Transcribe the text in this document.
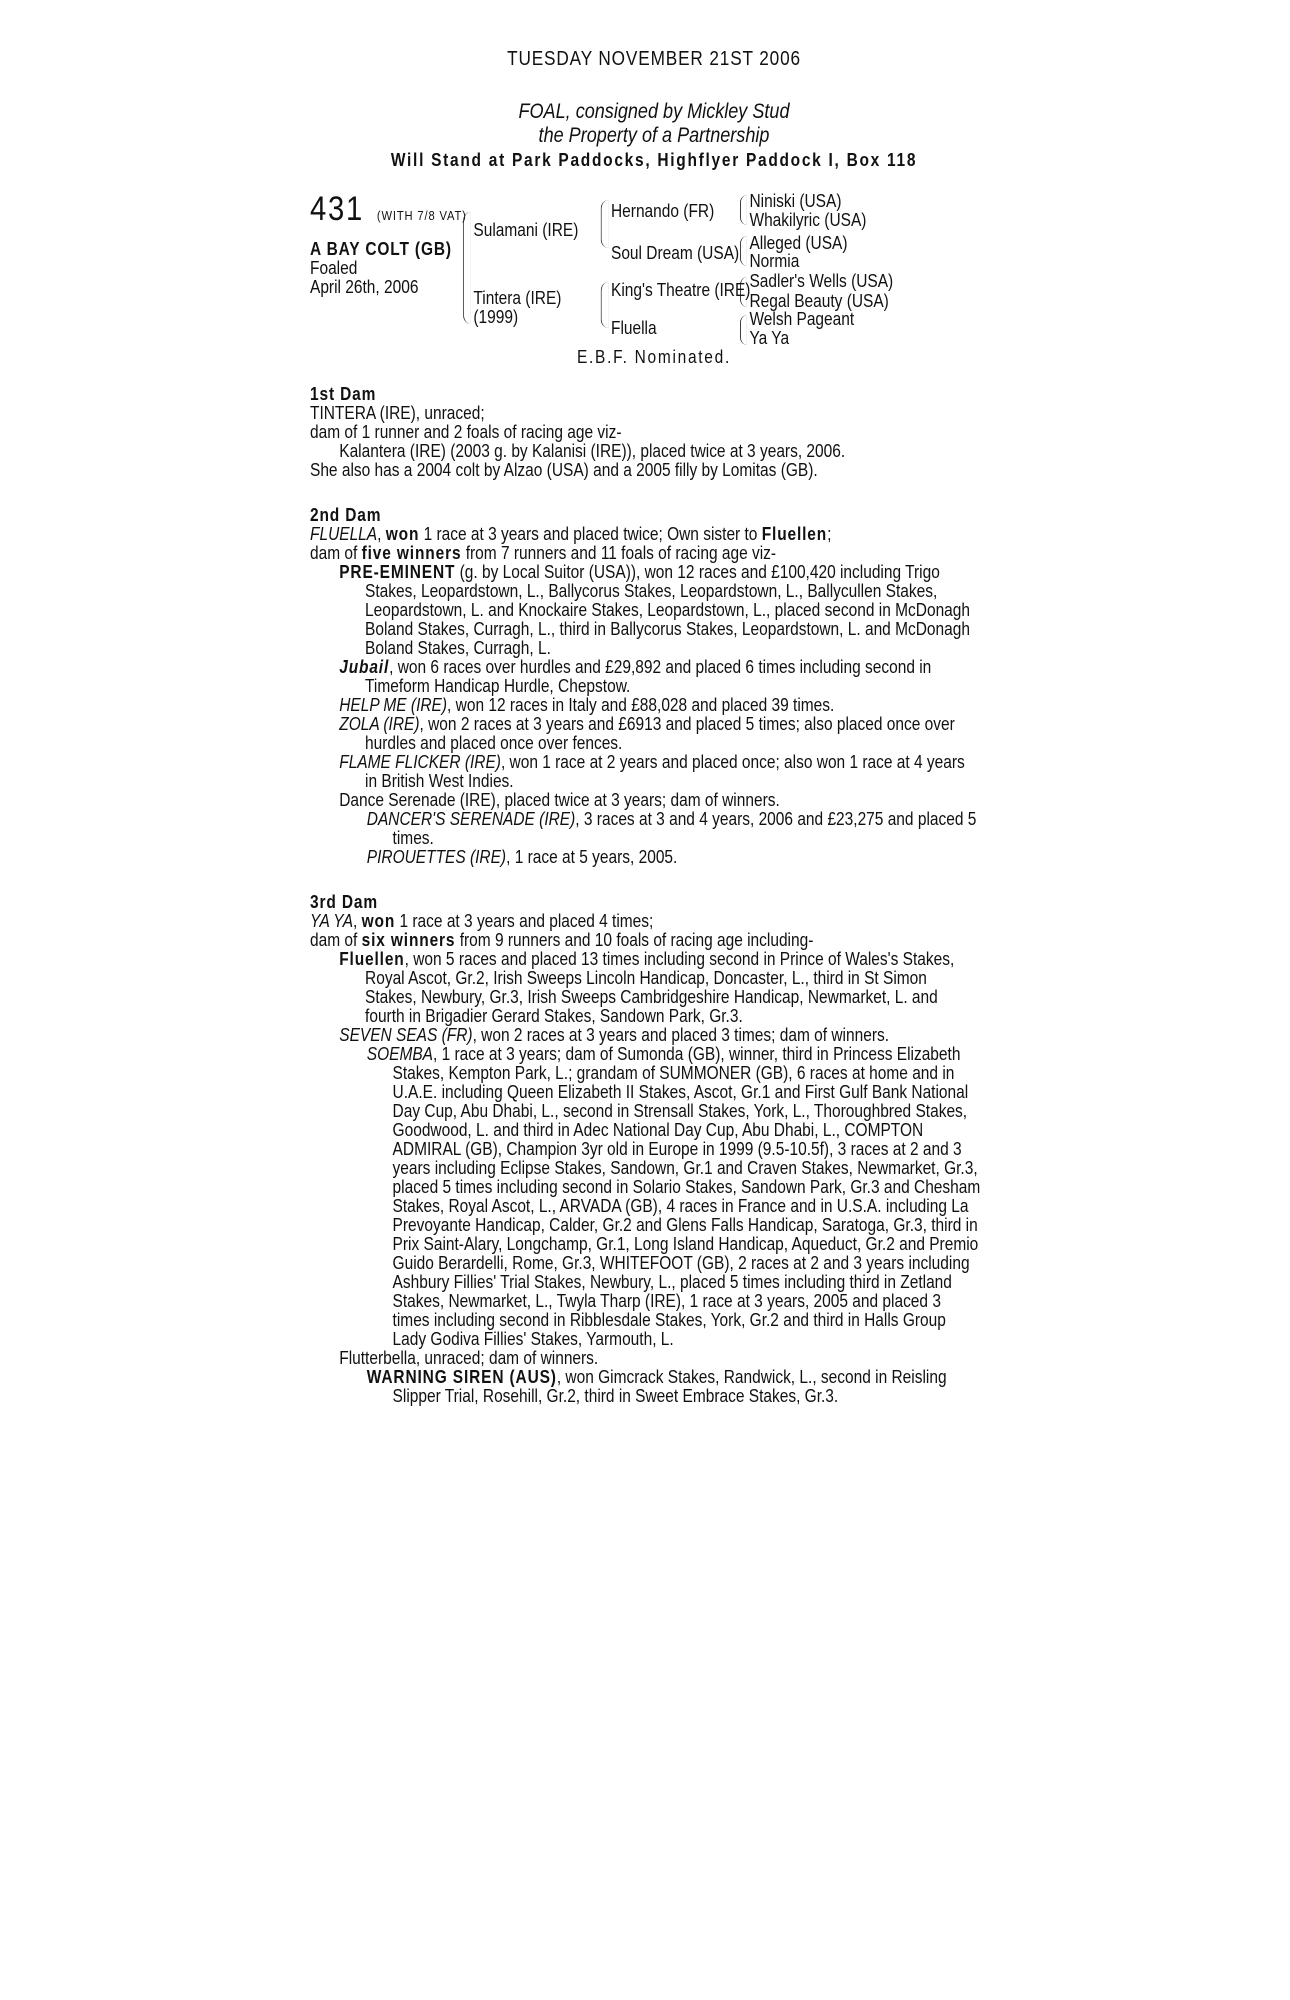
TUESDAY NOVEMBER 21ST 2006
FOAL, consigned by Mickley Stud
the Property of a Partnership
Will Stand at Park Paddocks, Highflyer Paddock I, Box 118
431 (WITH 7/8 VAT)
A BAY COLT (GB)
Foaled
April 26th, 2006
Sulamani (IRE)
Tintera (IRE)
(1999)
Hernando (FR)
Soul Dream (USA)
King's Theatre (IRE)
Fluella
Niniski (USA)
Whakilyric (USA)
Alleged (USA)
Normia
Sadler's Wells (USA)
Regal Beauty (USA)
Welsh Pageant
Ya Ya
E.B.F. Nominated.
1st Dam

TINTERA (IRE), unraced;

dam of 1 runner and 2 foals of racing age viz-

Kalantera (IRE) (2003 g. by Kalanisi (IRE)), placed twice at 3 years, 2006.

She also has a 2004 colt by Alzao (USA) and a 2005 filly by Lomitas (GB).

2nd Dam

FLUELLA, won 1 race at 3 years and placed twice; Own sister to Fluellen;

dam of five winners from 7 runners and 11 foals of racing age viz-

PRE-EMINENT (g. by Local Suitor (USA)), won 12 races and £100,420 including Trigo Stakes, Leopardstown, L., Ballycorus Stakes, Leopardstown, L., Ballycullen Stakes, Leopardstown, L. and Knockaire Stakes, Leopardstown, L., placed second in McDonagh Boland Stakes, Curragh, L., third in Ballycorus Stakes, Leopardstown, L. and McDonagh Boland Stakes, Curragh, L.

Jubail, won 6 races over hurdles and £29,892 and placed 6 times including second in Timeform Handicap Hurdle, Chepstow.

HELP ME (IRE), won 12 races in Italy and £88,028 and placed 39 times.

ZOLA (IRE), won 2 races at 3 years and £6913 and placed 5 times; also placed once over hurdles and placed once over fences.

FLAME FLICKER (IRE), won 1 race at 2 years and placed once; also won 1 race at 4 years in British West Indies.

Dance Serenade (IRE), placed twice at 3 years; dam of winners.

DANCER'S SERENADE (IRE), 3 races at 3 and 4 years, 2006 and £23,275 and placed 5 times.

PIROUETTES (IRE), 1 race at 5 years, 2005.

3rd Dam

YA YA, won 1 race at 3 years and placed 4 times;

dam of six winners from 9 runners and 10 foals of racing age including-

Fluellen, won 5 races and placed 13 times including second in Prince of Wales's Stakes, Royal Ascot, Gr.2, Irish Sweeps Lincoln Handicap, Doncaster, L., third in St Simon Stakes, Newbury, Gr.3, Irish Sweeps Cambridgeshire Handicap, Newmarket, L. and fourth in Brigadier Gerard Stakes, Sandown Park, Gr.3.

SEVEN SEAS (FR), won 2 races at 3 years and placed 3 times; dam of winners.

SOEMBA, 1 race at 3 years; dam of Sumonda (GB), winner, third in Princess Elizabeth Stakes, Kempton Park, L.; grandam of SUMMONER (GB), 6 races at home and in U.A.E. including Queen Elizabeth II Stakes, Ascot, Gr.1 and First Gulf Bank National Day Cup, Abu Dhabi, L., second in Strensall Stakes, York, L., Thoroughbred Stakes, Goodwood, L. and third in Adec National Day Cup, Abu Dhabi, L., COMPTON ADMIRAL (GB), Champion 3yr old in Europe in 1999 (9.5-10.5f), 3 races at 2 and 3 years including Eclipse Stakes, Sandown, Gr.1 and Craven Stakes, Newmarket, Gr.3, placed 5 times including second in Solario Stakes, Sandown Park, Gr.3 and Chesham Stakes, Royal Ascot, L., ARVADA (GB), 4 races in France and in U.S.A. including La Prevoyante Handicap, Calder, Gr.2 and Glens Falls Handicap, Saratoga, Gr.3, third in Prix Saint-Alary, Longchamp, Gr.1, Long Island Handicap, Aqueduct, Gr.2 and Premio Guido Berardelli, Rome, Gr.3, WHITEFOOT (GB), 2 races at 2 and 3 years including Ashbury Fillies' Trial Stakes, Newbury, L., placed 5 times including third in Zetland Stakes, Newmarket, L., Twyla Tharp (IRE), 1 race at 3 years, 2005 and placed 3 times including second in Ribblesdale Stakes, York, Gr.2 and third in Halls Group Lady Godiva Fillies' Stakes, Yarmouth, L.

Flutterbella, unraced; dam of winners.

WARNING SIREN (AUS), won Gimcrack Stakes, Randwick, L., second in Reisling Slipper Trial, Rosehill, Gr.2, third in Sweet Embrace Stakes, Gr.3.
